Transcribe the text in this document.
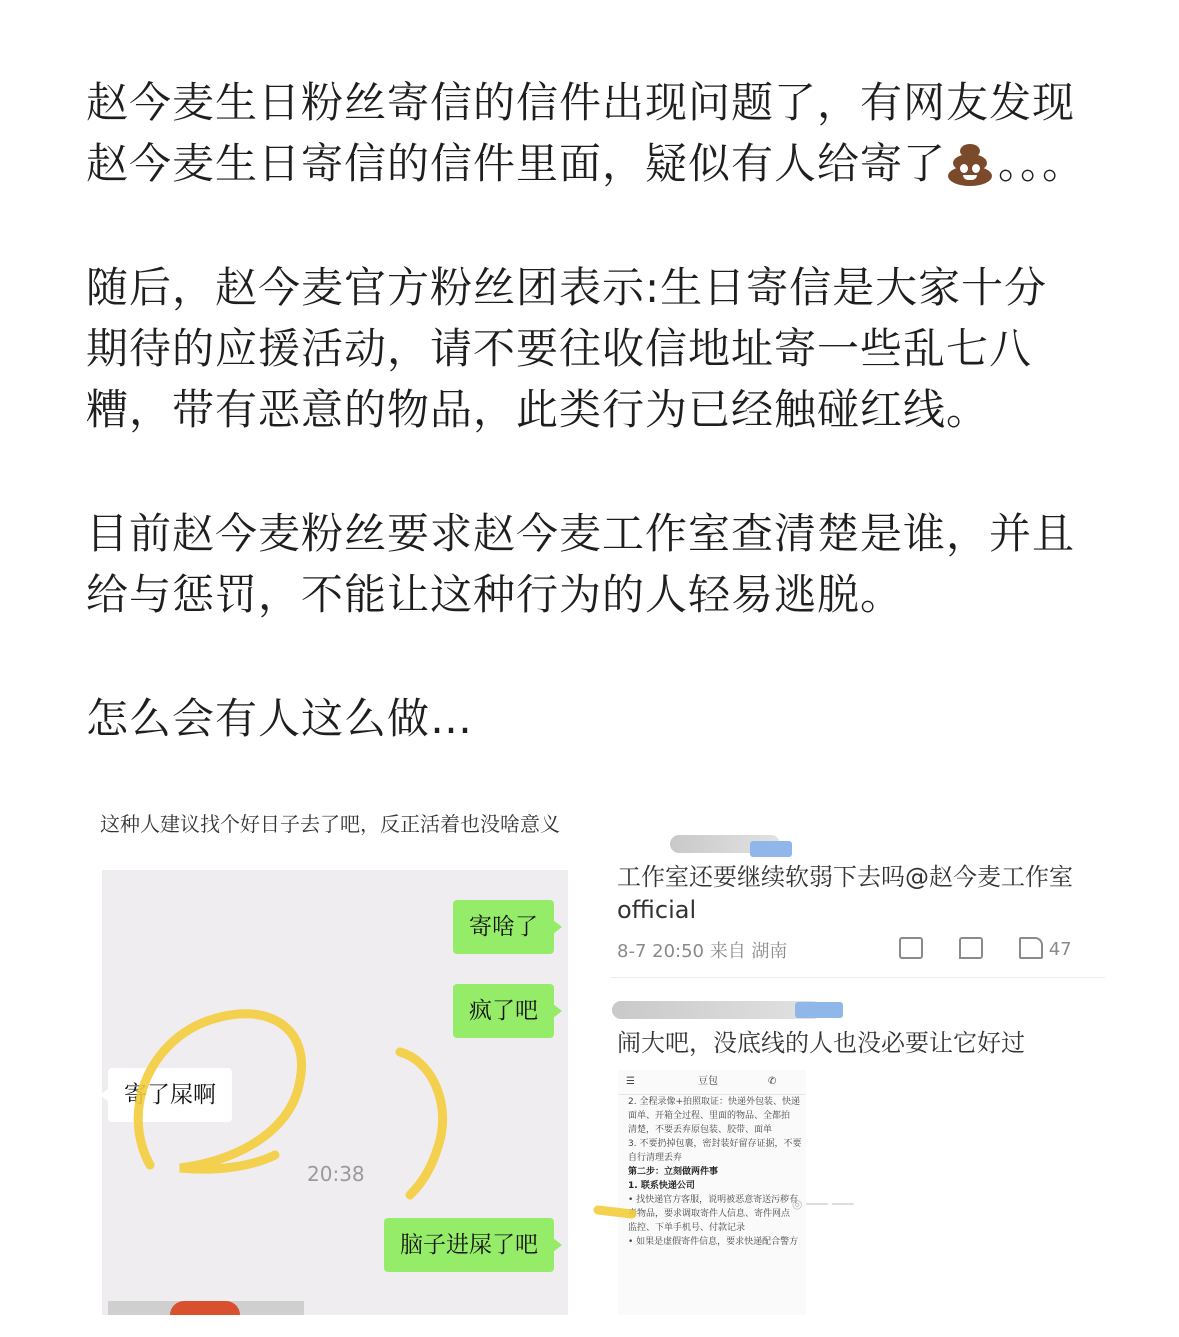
赵今麦生日粉丝寄信的信件出现问题了，有网友发现赵今麦生日寄信的信件里面，疑似有人给寄了 。。。

随后，赵今麦官方粉丝团表示:生日寄信是大家十分期待的应援活动，请不要往收信地址寄一些乱七八糟，带有恶意的物品，此类行为已经触碰红线。

目前赵今麦粉丝要求赵今麦工作室查清楚是谁，并且给与惩罚，不能让这种行为的人轻易逃脱。

怎么会有人这么做…

这种人建议找个好日子去了吧，反正活着也没啥意义

寄啥了
疯了吧
寄了屎啊
20:38
脑子进屎了吧
工作室还要继续软弱下去吗@赵今麦工作室official
8-7 20:50 来自 湖南	47
闹大吧，没底线的人也没必要让它好过
☰	豆包	✆
2. 全程录像+拍照取证：快递外包装、快递
面单、开箱全过程、里面的物品、全都拍
清楚，不要丢弃原包装、胶带、面单
3. 不要扔掉包裹，密封装好留存证据，不要
自行清理丢弃
第二步：立刻做两件事
1. 联系快递公司
• 找快递官方客服，说明被恶意寄送污秽有
毒物品，要求调取寄件人信息、寄件网点
监控、下单手机号、付款记录
• 如果是虚假寄件信息，要求快递配合警方
◎ ─── ───
